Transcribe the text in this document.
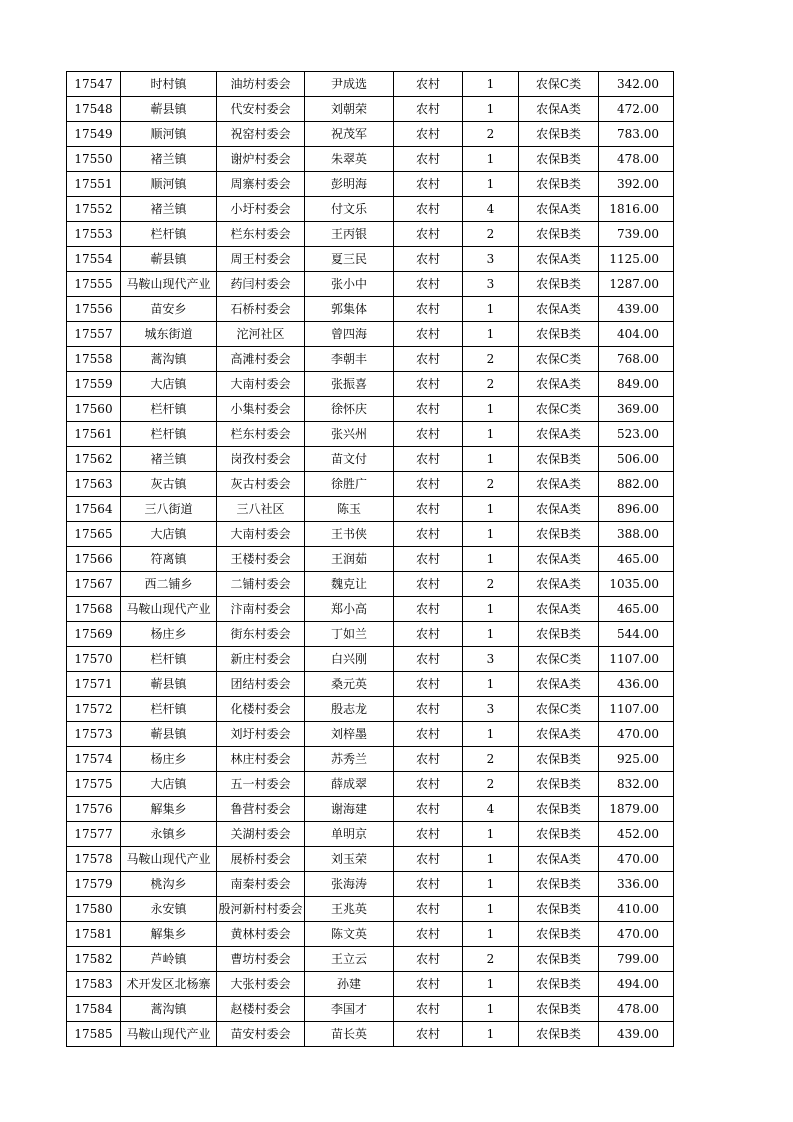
17547	时村镇	油坊村委会	尹成选	农村	1	农保C类	342.00
17548	蕲县镇	代安村委会	刘朝荣	农村	1	农保A类	472.00
17549	顺河镇	祝窑村委会	祝茂军	农村	2	农保B类	783.00
17550	褚兰镇	谢炉村委会	朱翠英	农村	1	农保B类	478.00
17551	顺河镇	周寨村委会	彭明海	农村	1	农保B类	392.00
17552	褚兰镇	小圩村委会	付文乐	农村	4	农保A类	1816.00
17553	栏杆镇	栏东村委会	王丙银	农村	2	农保B类	739.00
17554	蕲县镇	周王村委会	夏三民	农村	3	农保A类	1125.00
17555	马鞍山现代产业	药闫村委会	张小中	农村	3	农保B类	1287.00
17556	苗安乡	石桥村委会	郭集体	农村	1	农保A类	439.00
17557	城东街道	沱河社区	曾四海	农村	1	农保B类	404.00
17558	蒿沟镇	高滩村委会	李朝丰	农村	2	农保C类	768.00
17559	大店镇	大南村委会	张振喜	农村	2	农保A类	849.00
17560	栏杆镇	小集村委会	徐怀庆	农村	1	农保C类	369.00
17561	栏杆镇	栏东村委会	张兴州	农村	1	农保A类	523.00
17562	褚兰镇	岗孜村委会	苗文付	农村	1	农保B类	506.00
17563	灰古镇	灰古村委会	徐胜广	农村	2	农保A类	882.00
17564	三八街道	三八社区	陈玉	农村	1	农保A类	896.00
17565	大店镇	大南村委会	王书侠	农村	1	农保B类	388.00
17566	符离镇	王楼村委会	王润茹	农村	1	农保A类	465.00
17567	西二铺乡	二铺村委会	魏克让	农村	2	农保A类	1035.00
17568	马鞍山现代产业	汴南村委会	郑小高	农村	1	农保A类	465.00
17569	杨庄乡	街东村委会	丁如兰	农村	1	农保B类	544.00
17570	栏杆镇	新庄村委会	白兴刚	农村	3	农保C类	1107.00
17571	蕲县镇	团结村委会	桑元英	农村	1	农保A类	436.00
17572	栏杆镇	化楼村委会	殷志龙	农村	3	农保C类	1107.00
17573	蕲县镇	刘圩村委会	刘梓墨	农村	1	农保A类	470.00
17574	杨庄乡	林庄村委会	苏秀兰	农村	2	农保B类	925.00
17575	大店镇	五一村委会	薛成翠	农村	2	农保B类	832.00
17576	解集乡	鲁营村委会	谢海建	农村	4	农保B类	1879.00
17577	永镇乡	关湖村委会	单明京	农村	1	农保B类	452.00
17578	马鞍山现代产业	展桥村委会	刘玉荣	农村	1	农保A类	470.00
17579	桃沟乡	南秦村委会	张海涛	农村	1	农保B类	336.00
17580	永安镇	殷河新村村委会	王兆英	农村	1	农保B类	410.00
17581	解集乡	黄林村委会	陈文英	农村	1	农保B类	470.00
17582	芦岭镇	曹坊村委会	王立云	农村	2	农保B类	799.00
17583	术开发区北杨寨	大张村委会	孙建	农村	1	农保B类	494.00
17584	蒿沟镇	赵楼村委会	李国才	农村	1	农保B类	478.00
17585	马鞍山现代产业	苗安村委会	苗长英	农村	1	农保B类	439.00
